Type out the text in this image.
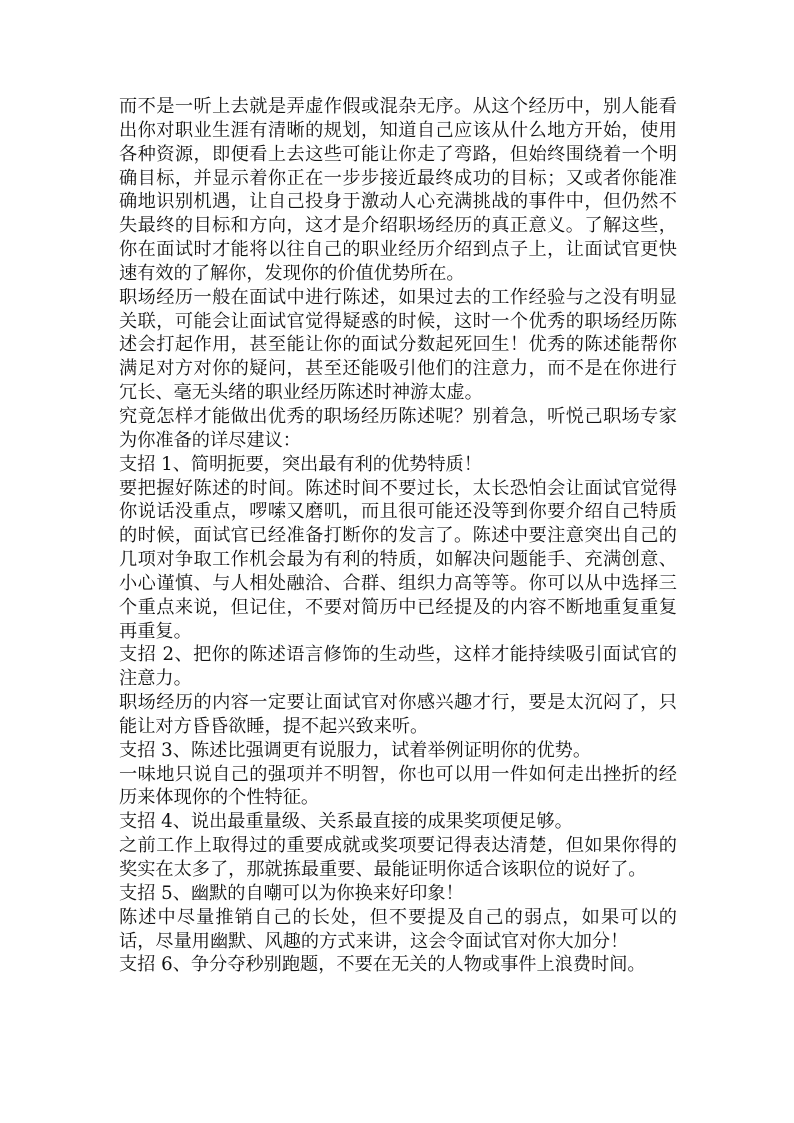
而不是一听上去就是弄虚作假或混杂无序。从这个经历中，别人能看出你对职业生涯有清晰的规划，知道自己应该从什么地方开始，使用各种资源，即便看上去这些可能让你走了弯路，但始终围绕着一个明确目标，并显示着你正在一步步接近最终成功的目标；又或者你能准确地识别机遇，让自己投身于激动人心充满挑战的事件中，但仍然不失最终的目标和方向，这才是介绍职场经历的真正意义。了解这些，你在面试时才能将以往自己的职业经历介绍到点子上，让面试官更快速有效的了解你，发现你的价值优势所在。

职场经历一般在面试中进行陈述，如果过去的工作经验与之没有明显关联，可能会让面试官觉得疑惑的时候，这时一个优秀的职场经历陈述会打起作用，甚至能让你的面试分数起死回生！优秀的陈述能帮你满足对方对你的疑问，甚至还能吸引他们的注意力，而不是在你进行冗长、毫无头绪的职业经历陈述时神游太虚。

究竟怎样才能做出优秀的职场经历陈述呢？别着急，听悦己职场专家为你准备的详尽建议：

支招 1、简明扼要，突出最有利的优势特质！

要把握好陈述的时间。陈述时间不要过长，太长恐怕会让面试官觉得你说话没重点，啰嗦又磨叽，而且很可能还没等到你要介绍自己特质的时候，面试官已经准备打断你的发言了。陈述中要注意突出自己的几项对争取工作机会最为有利的特质，如解决问题能手、充满创意、小心谨慎、与人相处融洽、合群、组织力高等等。你可以从中选择三个重点来说，但记住，不要对简历中已经提及的内容不断地重复重复再重复。

支招 2、把你的陈述语言修饰的生动些，这样才能持续吸引面试官的注意力。

职场经历的内容一定要让面试官对你感兴趣才行，要是太沉闷了，只能让对方昏昏欲睡，提不起兴致来听。

支招 3、陈述比强调更有说服力，试着举例证明你的优势。

一味地只说自己的强项并不明智，你也可以用一件如何走出挫折的经历来体现你的个性特征。

支招 4、说出最重量级、关系最直接的成果奖项便足够。

之前工作上取得过的重要成就或奖项要记得表达清楚，但如果你得的奖实在太多了，那就拣最重要、最能证明你适合该职位的说好了。

支招 5、幽默的自嘲可以为你换来好印象！

陈述中尽量推销自己的长处，但不要提及自己的弱点，如果可以的话，尽量用幽默、风趣的方式来讲，这会令面试官对你大加分！

支招 6、争分夺秒别跑题，不要在无关的人物或事件上浪费时间。
